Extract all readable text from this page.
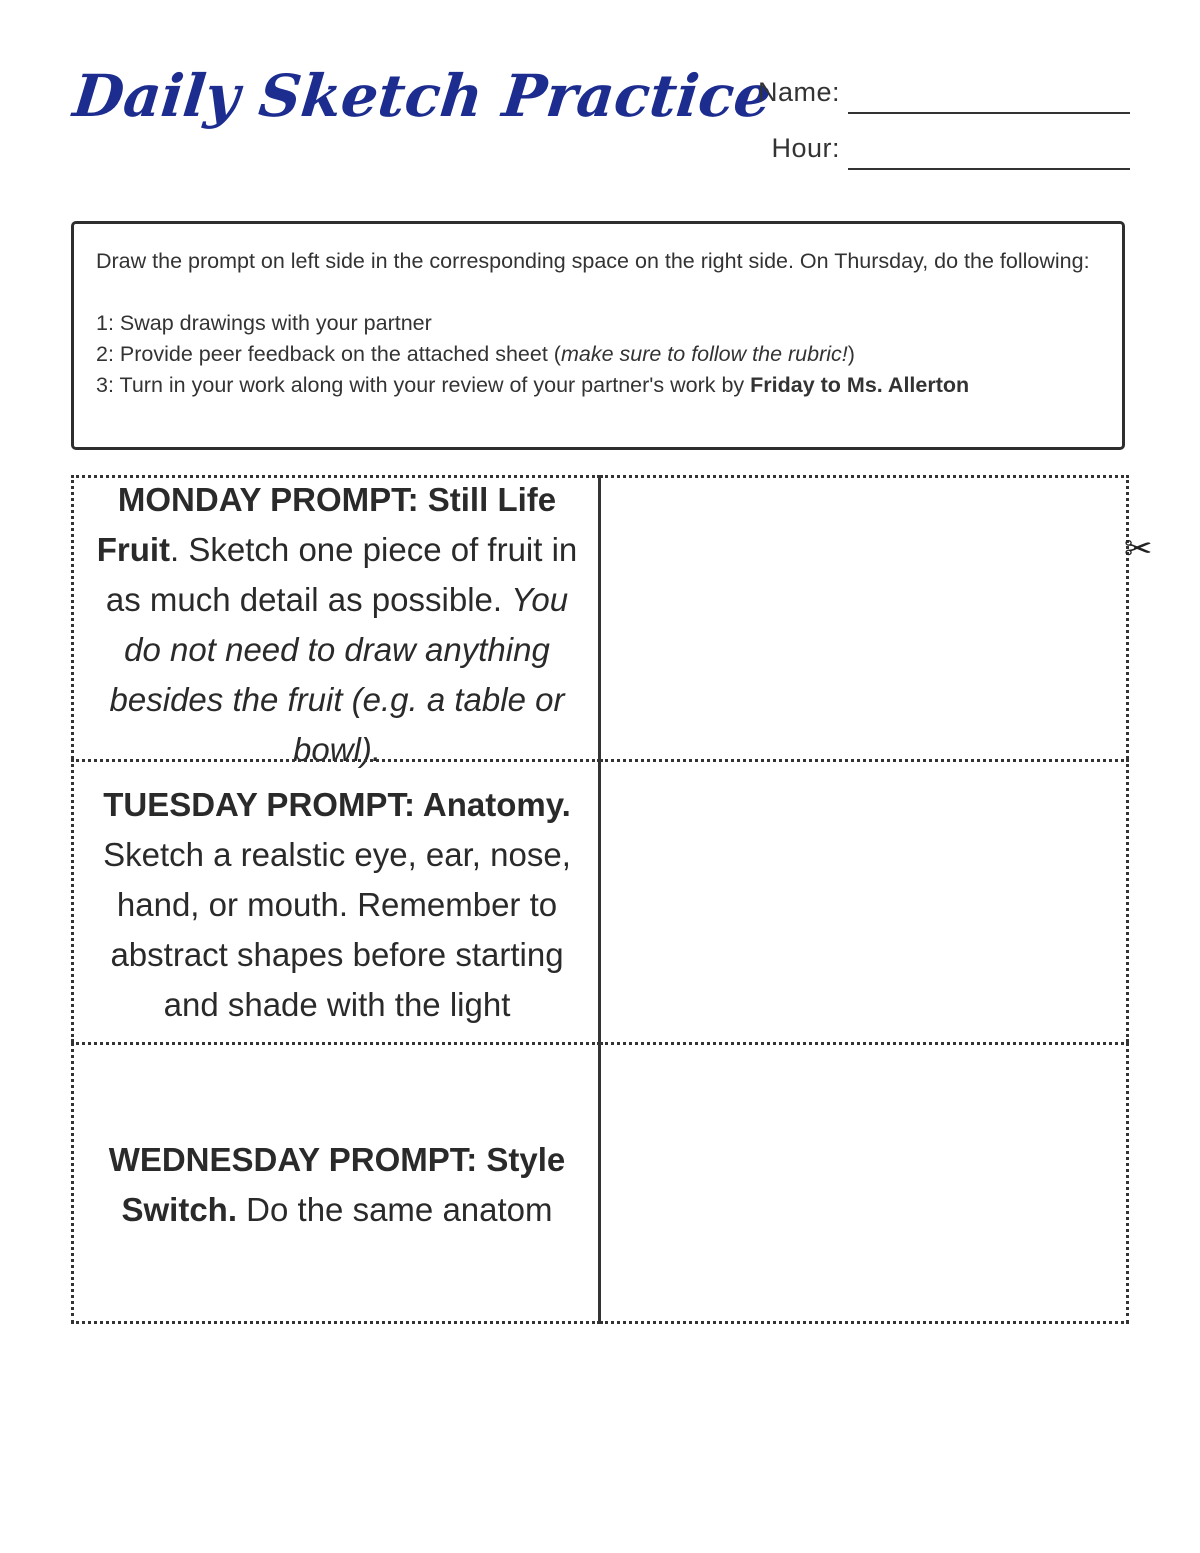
Daily Sketch Practice
Name:
Hour:

Draw the prompt on left side in the corresponding space on the right side. On Thursday, do the following:

1: Swap drawings with your partner

2: Provide peer feedback on the attached sheet (make sure to follow the rubric!)

3: Turn in your work along with your review of your partner's work by Friday to Ms. Allerton

MONDAY PROMPT: Still Life Fruit. Sketch one piece of fruit in as much detail as possible. You do not need to draw anything besides the fruit (e.g. a table or bowl).
TUESDAY PROMPT: Anatomy. Sketch a realstic eye, ear, nose, hand, or mouth. Remember to abstract shapes before starting and shade with the light
WEDNESDAY PROMPT: Style Switch. Do the same anatom
✂
